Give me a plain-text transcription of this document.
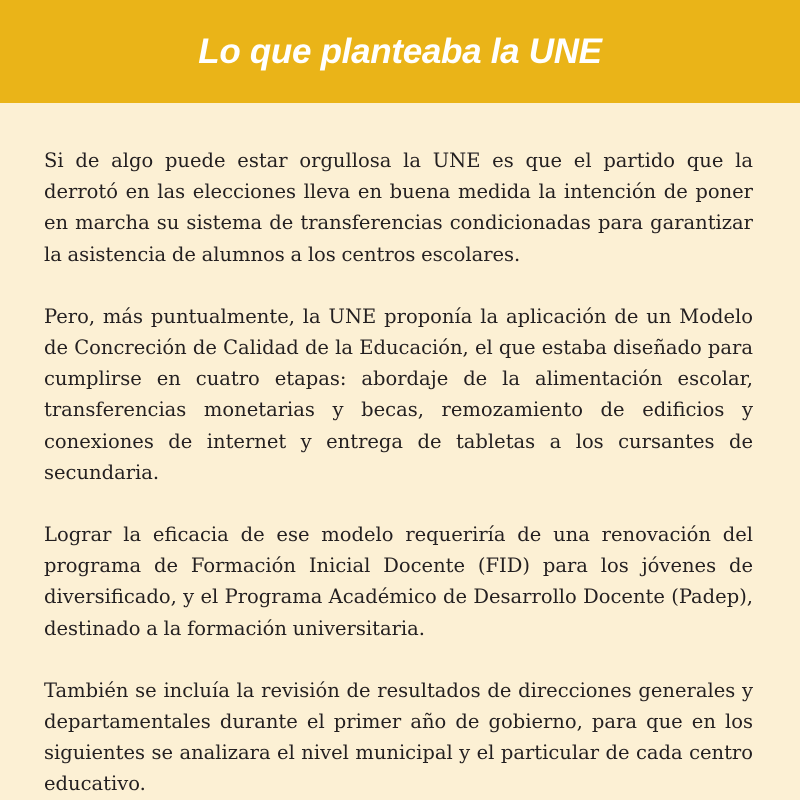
Lo que planteaba la UNE

Si de algo puede estar orgullosa la UNE es que el partido que la derrotó en las elecciones lleva en buena medida la intención de poner en marcha su sistema de transferencias condicionadas para garantizar la asistencia de alumnos a los centros escolares.

Pero, más puntualmente, la UNE proponía la aplicación de un Modelo de Concreción de Calidad de la Educación, el que estaba diseñado para cumplirse en cuatro etapas: abordaje de la alimentación escolar, transferencias monetarias y becas, remozamiento de edificios y conexiones de internet y entrega de tabletas a los cursantes de secundaria.

Lograr la eficacia de ese modelo requeriría de una renovación del programa de Formación Inicial Docente (FID) para los jóvenes de diversificado, y el Programa Académico de Desarrollo Docente (Padep), destinado a la formación universitaria.

También se incluía la revisión de resultados de direcciones generales y departamentales durante el primer año de gobierno, para que en los siguientes se analizara el nivel municipal y el particular de cada centro educativo.
